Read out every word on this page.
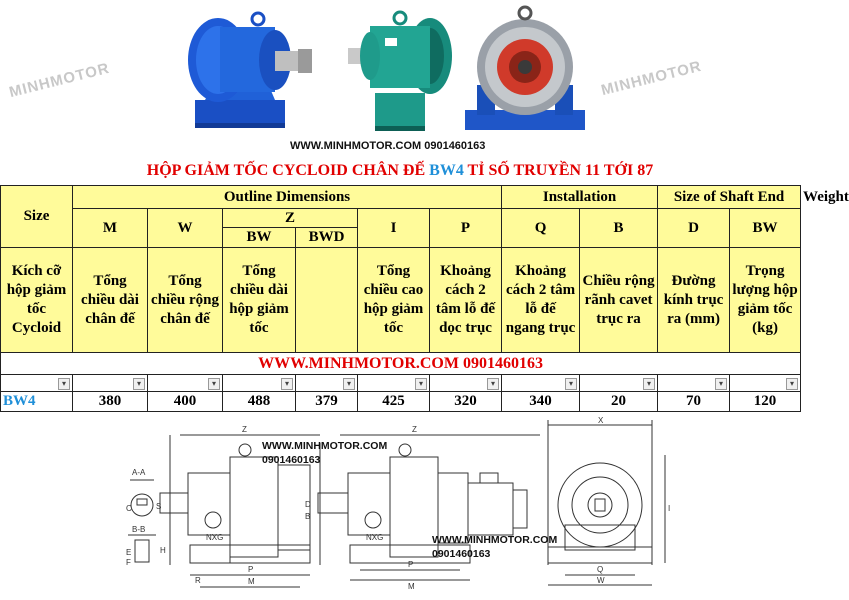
MINHMOTOR	MINHMOTOR
WWW.MINHMOTOR.COM 0901460163
HỘP GIẢM TỐC CYCLOID CHÂN ĐẾ BW4 TỈ SỐ TRUYỀN 11 TỚI 87
Size	Outline Dimensions						Installation		Size of Shaft End		Weight
	M	W	Z		I	P	Q	B	D	BW	
			BW	BWD							
Kích cỡ hộp giảm tốc Cycloid	Tổng chiều dài chân đế	Tổng chiều rộng chân đế	Tổng chiều dài hộp giảm tốc		Tổng chiều cao hộp giảm tốc	Khoảng cách 2 tâm lỗ đế dọc trục	Khoảng cách 2 tâm lỗ đế ngang trục	Chiều rộng rãnh cavet trục ra	Đường kính trục ra (mm)	Trọng lượng hộp giảm tốc (kg)	
WWW.MINHMOTOR.COM 0901460163											

▾	▾	▾	▾	▾	▾	▾	▾	▾	▾	▾	

BW4	380	400	488	379	425	320	340	20	70	120	
A-A
B-B
NXG	NXG
Z	Z
X
M
M
P
P
Q
W
I
S
C
E
F
H
D
B
R
WWW.MINHMOTOR.COM
0901460163
WWW.MINHMOTOR.COM
0901460163
